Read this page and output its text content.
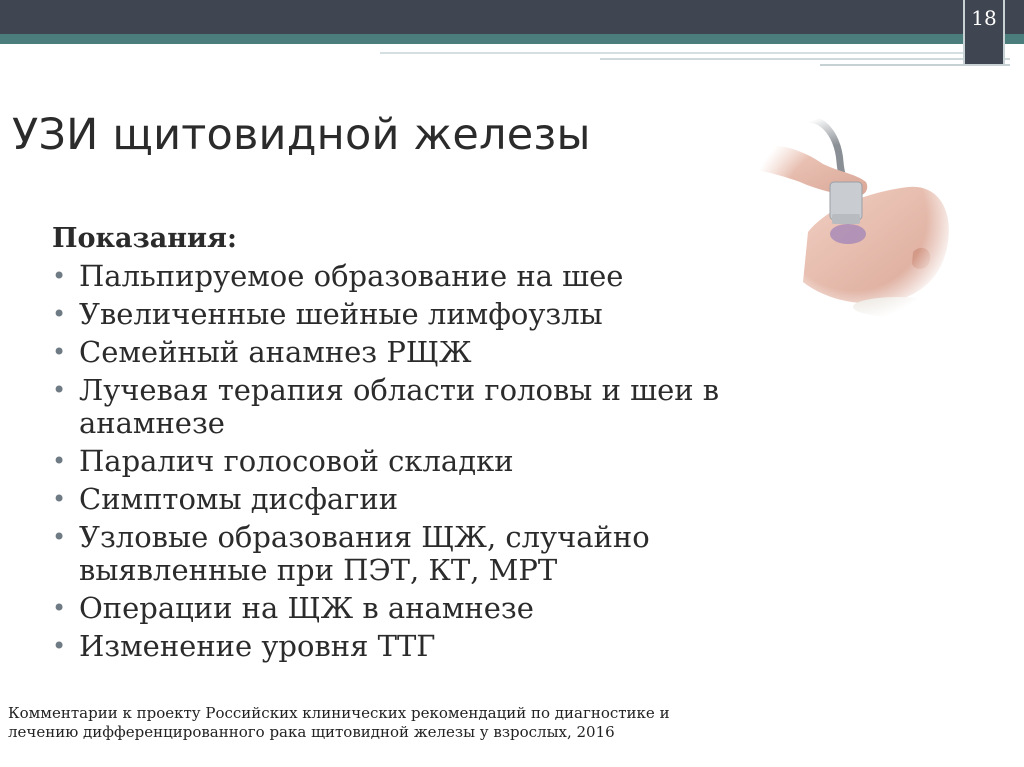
18
УЗИ щитовидной железы
Показания:
• Пальпируемое образование на шее
• Увеличенные шейные лимфоузлы
• Семейный анамнез РЩЖ
• Лучевая терапия области головы и шеи в анамнезе
• Паралич голосовой складки
• Симптомы дисфагии
• Узловые образования ЩЖ, случайно выявленные при ПЭТ, КТ, МРТ
• Операции на ЩЖ в анамнезе
• Изменение уровня ТТГ
Комментарии к проекту Российских клинических рекомендаций по диагностике и лечению дифференцированного рака щитовидной железы у взрослых, 2016
